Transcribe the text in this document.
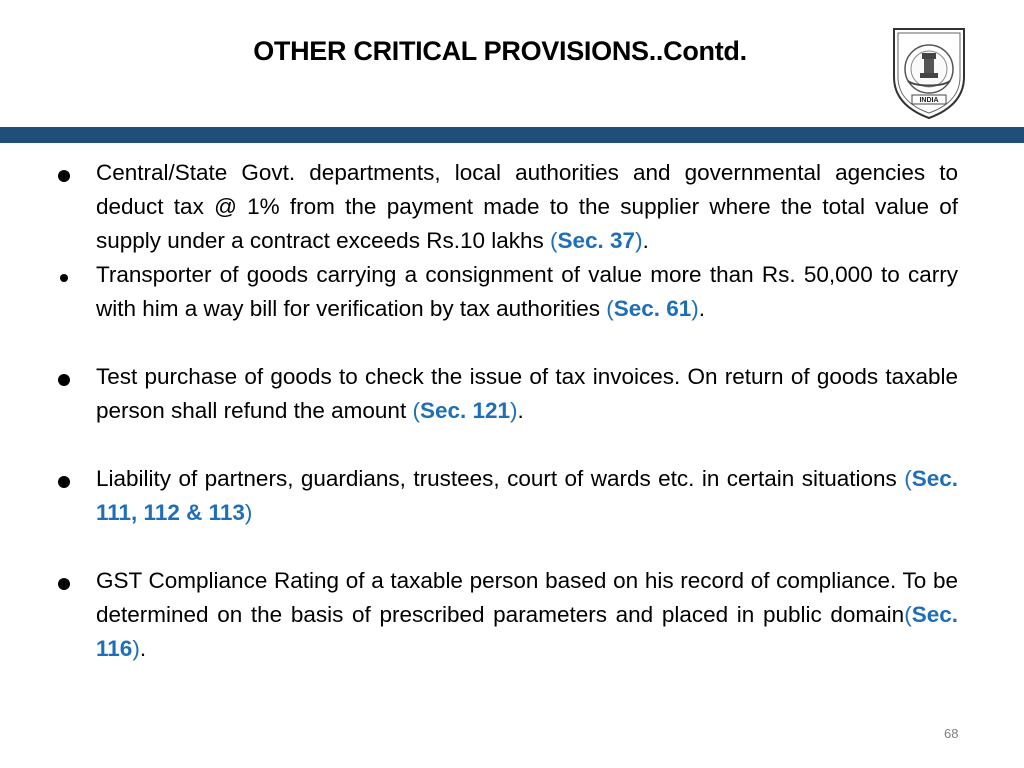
OTHER CRITICAL PROVISIONS..Contd.
INDIA
Central/State Govt. departments, local authorities and governmental agencies to deduct tax @ 1% from the payment made to the supplier where the total value of supply under a contract exceeds Rs.10 lakhs (Sec. 37).
Transporter of goods carrying a consignment of value more than Rs. 50,000 to carry with him a way bill for verification by tax authorities (Sec. 61).
Test purchase of goods to check the issue of tax invoices. On return of goods taxable person shall refund the amount (Sec. 121).
Liability of partners, guardians, trustees, court of wards etc. in certain situations (Sec. 111, 112 & 113)
GST Compliance Rating of a taxable person based on his record of compliance. To be determined on the basis of prescribed parameters and placed in public domain(Sec. 116).
68
